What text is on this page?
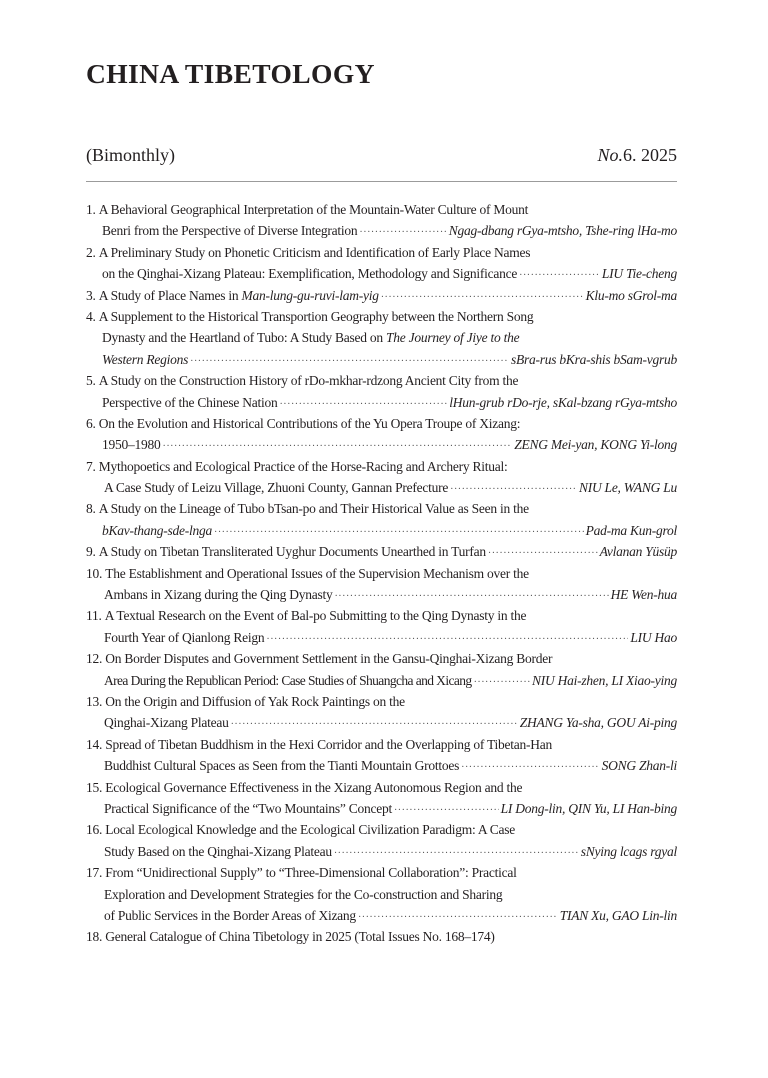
CHINA TIBETOLOGY
(Bimonthly)	No.6. 2025
1.
A Behavioral Geographical Interpretation of the Mountain-Water Culture of Mount
Benri from the Perspective of Diverse Integration ·····	Ngag-dbang rGya-mtsho, Tshe-ring lHa-mo
2.
A Preliminary Study on Phonetic Criticism and Identification of Early Place Names
on the Qinghai-Xizang Plateau: Exemplification, Methodology and Significance ·····	LIU Tie-cheng
3.
A Study of Place Names in
Man-lung-gu-ruvi-lam-yig ·····	Klu-mo sGrol-ma
4.
A Supplement to the Historical Transportion Geography between the Northern Song
Dynasty and the Heartland of Tubo: A Study Based on
The Journey of Jiye to the
Western Regions ·····	sBra-rus bKra-shis bSam-vgrub
5.
A Study on the Construction History of rDo-mkhar-rdzong Ancient City from the
Perspective of the Chinese Nation ·····	lHun-grub rDo-rje, sKal-bzang rGya-mtsho
6.
On the Evolution and Historical Contributions of the Yu Opera Troupe of Xizang:
1950–1980 ·····	ZENG Mei-yan, KONG Yi-long
7.
Mythopoetics and Ecological Practice of the Horse-Racing and Archery Ritual:
A Case Study of Leizu Village, Zhuoni County, Gannan Prefecture ·····	NIU Le, WANG Lu
8.
A Study on the Lineage of Tubo bTsan-po and Their Historical Value as Seen in the
bKav-thang-sde-lnga ·····	Pad-ma Kun-grol
9.
A Study on Tibetan Transliterated Uyghur Documents Unearthed in Turfan ·····	Avlanan Yüsüp
10.
The Establishment and Operational Issues of the Supervision Mechanism over the
Ambans in Xizang during the Qing Dynasty ·····	HE Wen-hua
11.
A Textual Research on the Event of Bal-po Submitting to the Qing Dynasty in the
Fourth Year of Qianlong Reign ·····	LIU Hao
12.
On Border Disputes and Government Settlement in the Gansu-Qinghai-Xizang Border
Area During the Republican Period: Case Studies of Shuangcha and Xicang ·····	NIU Hai-zhen, LI Xiao-ying
13.
On the Origin and Diffusion of Yak Rock Paintings on the
Qinghai-Xizang Plateau ·····	ZHANG Ya-sha, GOU Ai-ping
14.
Spread of Tibetan Buddhism in the Hexi Corridor and the Overlapping of Tibetan-Han
Buddhist Cultural Spaces as Seen from the Tianti Mountain Grottoes ·····	SONG Zhan-li
15.
Ecological Governance Effectiveness in the Xizang Autonomous Region and the
Practical Significance of the “Two Mountains” Concept ·····	LI Dong-lin, QIN Yu, LI Han-bing
16.
Local Ecological Knowledge and the Ecological Civilization Paradigm: A Case
Study Based on the Qinghai-Xizang Plateau ·····	sNying lcags rgyal
17.
From “Unidirectional Supply” to “Three-Dimensional Collaboration”: Practical
Exploration and Development Strategies for the Co-construction and Sharing
of Public Services in the Border Areas of Xizang ·····	TIAN Xu, GAO Lin-lin
18.
General Catalogue of China Tibetology in 2025 (Total Issues No. 168–174)
